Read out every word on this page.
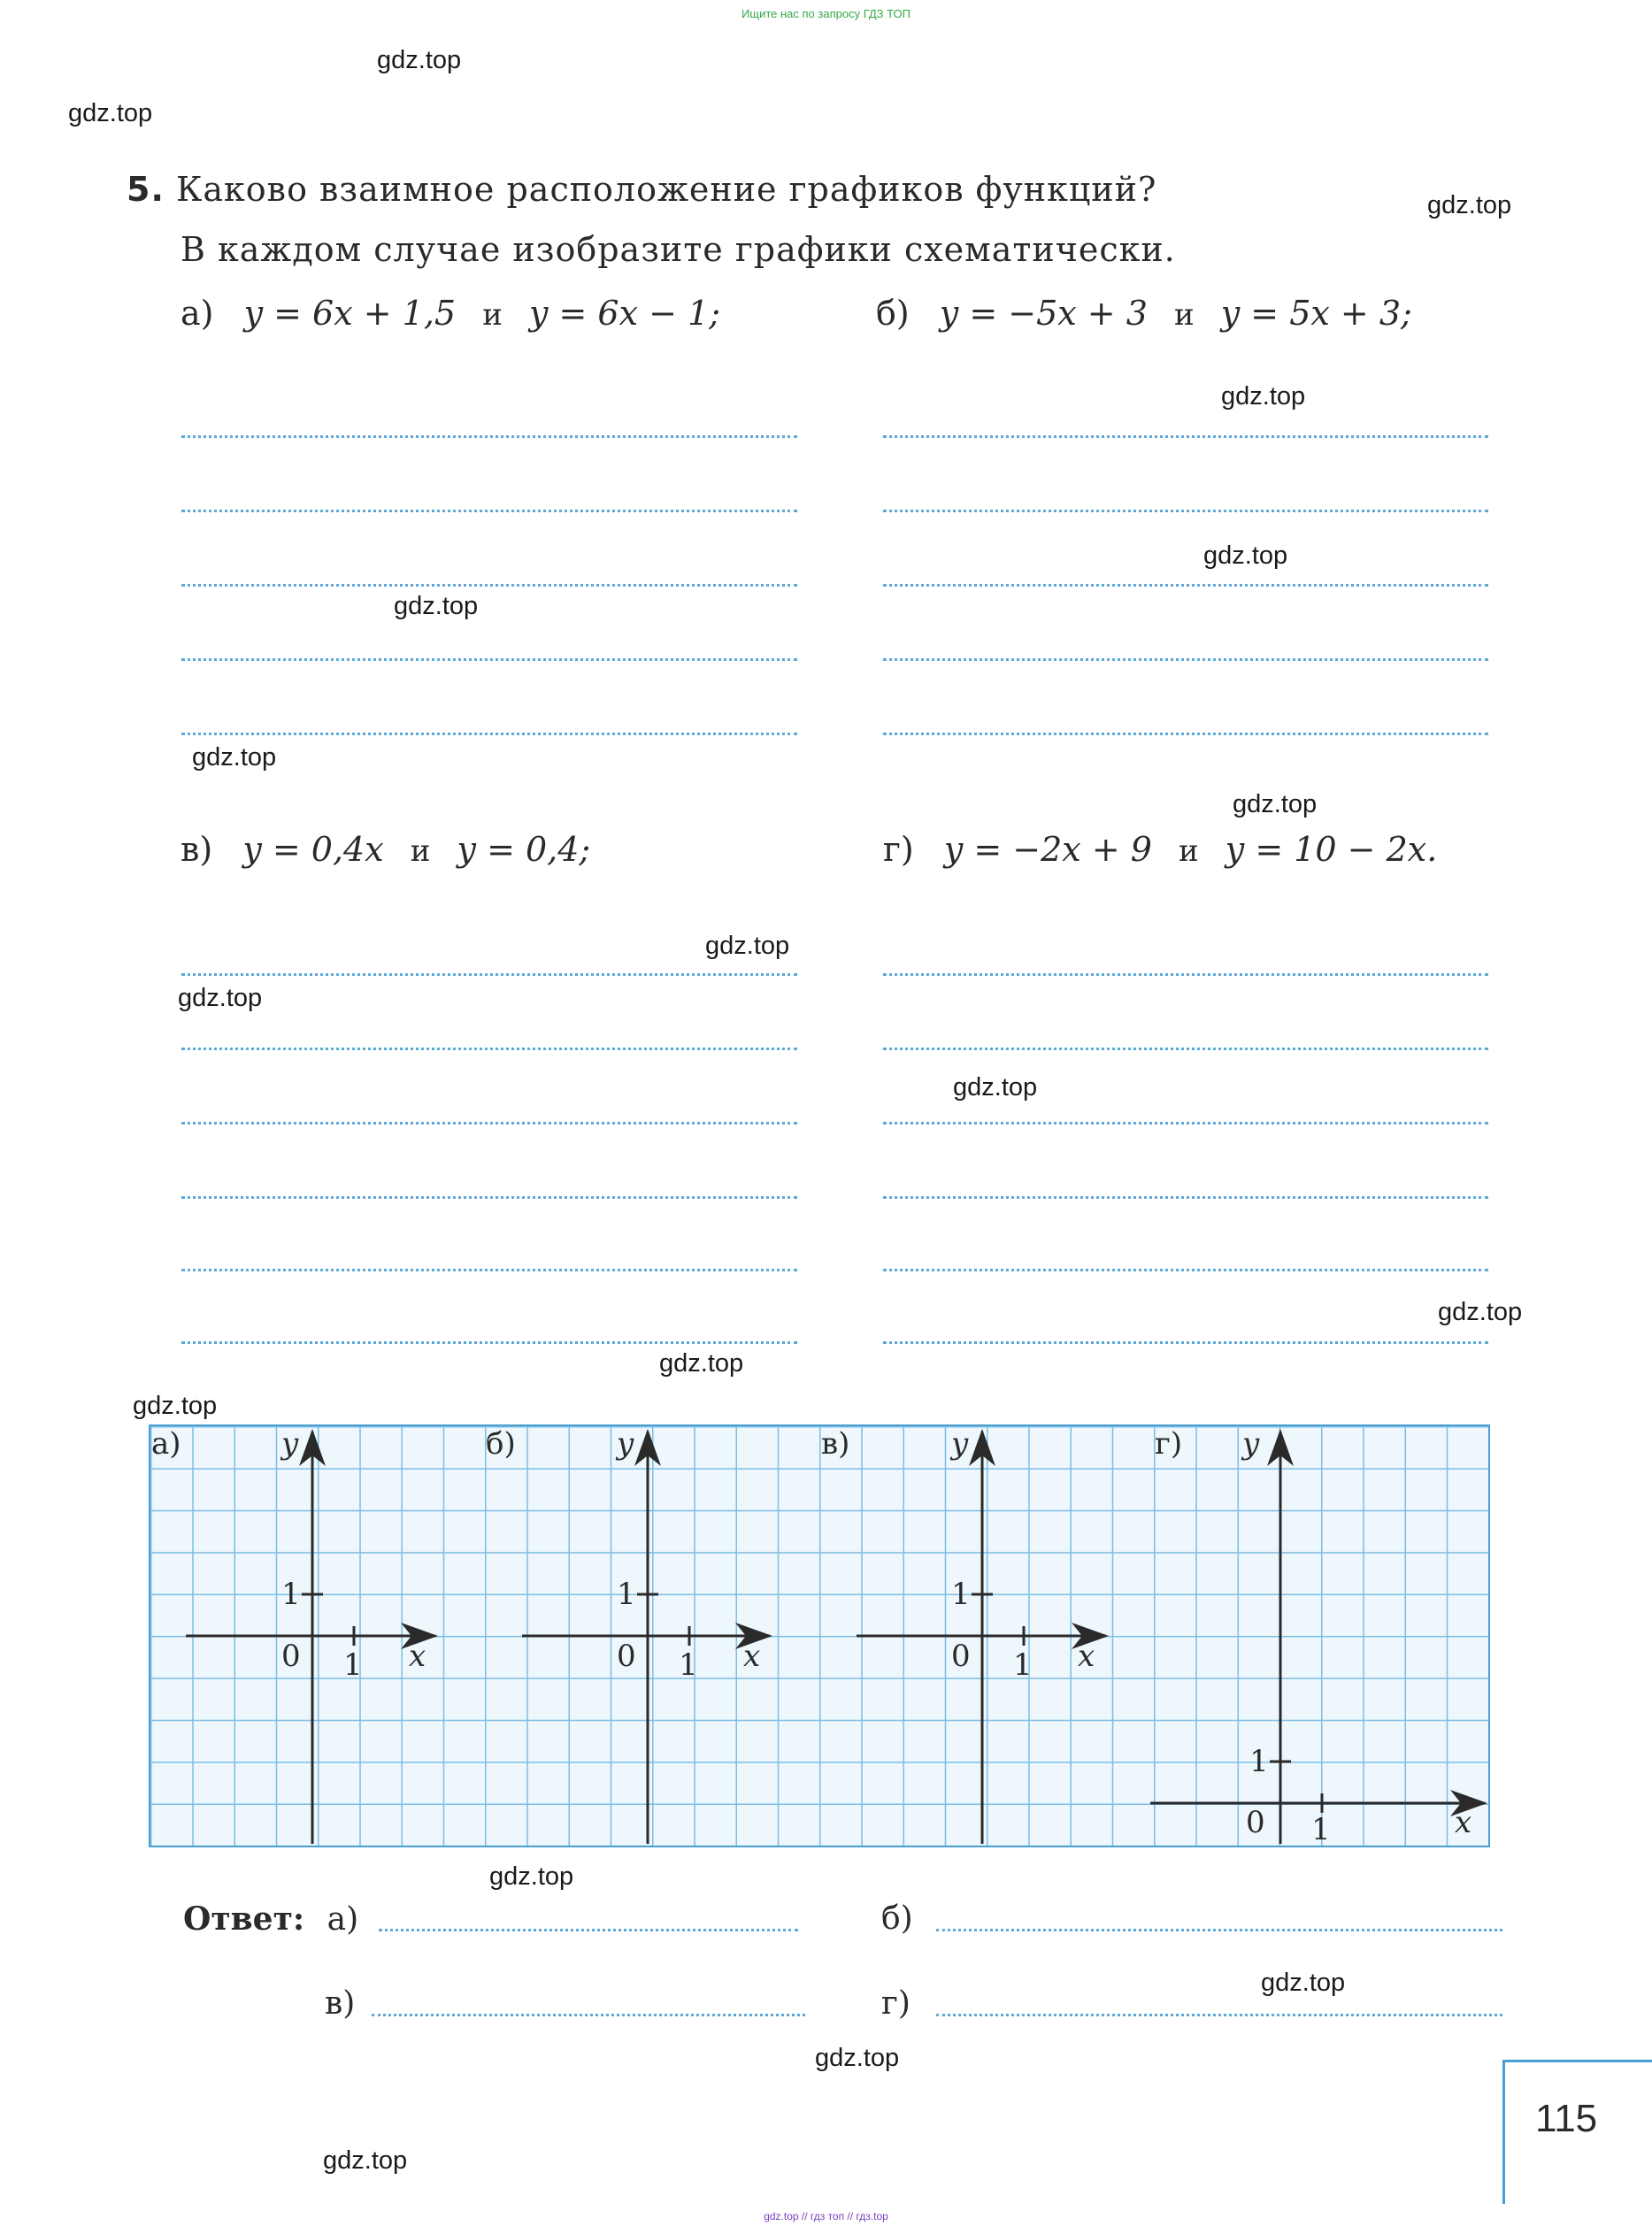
Ищите нас по запросу ГДЗ ТОП
gdz.top
gdz.top
gdz.top
gdz.top
gdz.top
gdz.top
gdz.top
gdz.top
gdz.top
gdz.top
gdz.top
gdz.top
gdz.top
gdz.top
gdz.top
gdz.top
gdz.top
gdz.top
5. Каково взаимное расположение графиков функций?
В каждом случае изобразите графики схематически.
а) y = 6x + 1,5 и y = 6x − 1;	б) y = −5x + 3 и y = 5x + 3;
в) y = 0,4x и y = 0,4;	г) y = −2x + 9 и y = 10 − 2x.
а)	б)	в)	г)
y
x
1
1
0
y
x
1
1
0
y
x
1
1
0
y
x
1
1
0
Ответ: а)	б)
в)	г)
115
gdz.top // гдз топ // гдз.top
